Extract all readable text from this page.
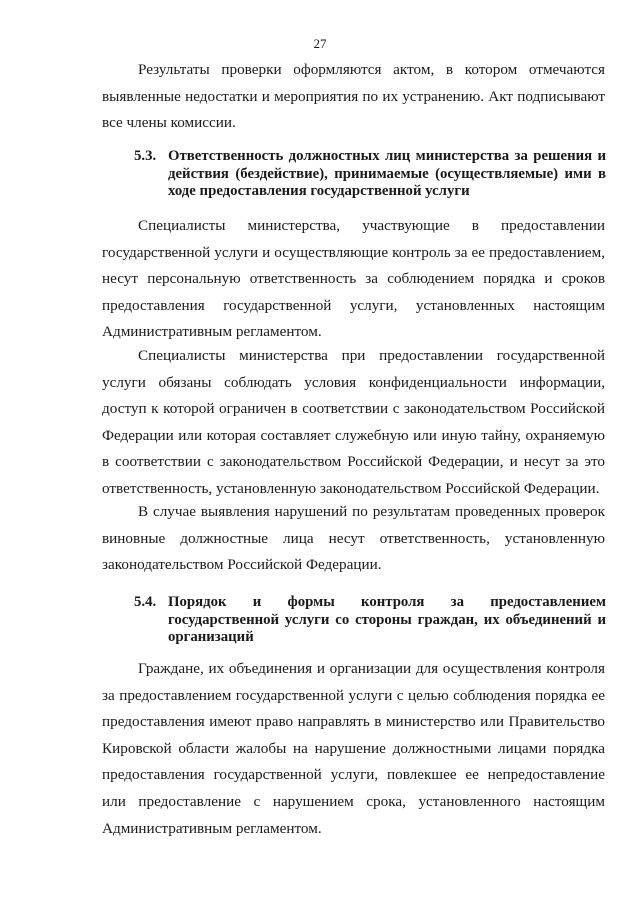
27

Результаты проверки оформляются актом, в котором отмечаются выявленные недостатки и мероприятия по их устранению. Акт подписывают все члены комиссии.

5.3. Ответственность должностных лиц министерства за решения и действия (бездействие), принимаемые (осуществляемые) ими в ходе предоставления государственной услуги

Специалисты министерства, участвующие в предоставлении государственной услуги и осуществляющие контроль за ее предоставлением, несут персональную ответственность за соблюдением порядка и сроков предоставления государственной услуги, установленных настоящим Административным регламентом.

Специалисты министерства при предоставлении государственной услуги обязаны соблюдать условия конфиденциальности информации, доступ к которой ограничен в соответствии с законодательством Российской Федерации или которая составляет служебную или иную тайну, охраняемую в соответствии с законодательством Российской Федерации, и несут за это ответственность, установленную законодательством Российской Федерации.

В случае выявления нарушений по результатам проведенных проверок виновные должностные лица несут ответственность, установленную законодательством Российской Федерации.

5.4. Порядок и формы контроля за предоставлением государственной услуги со стороны граждан, их объединений и организаций

Граждане, их объединения и организации для осуществления контроля за предоставлением государственной услуги с целью соблюдения порядка ее предоставления имеют право направлять в министерство или Правительство Кировской области жалобы на нарушение должностными лицами порядка предоставления государственной услуги, повлекшее ее непредоставление или предоставление с нарушением срока, установленного настоящим Административным регламентом.
